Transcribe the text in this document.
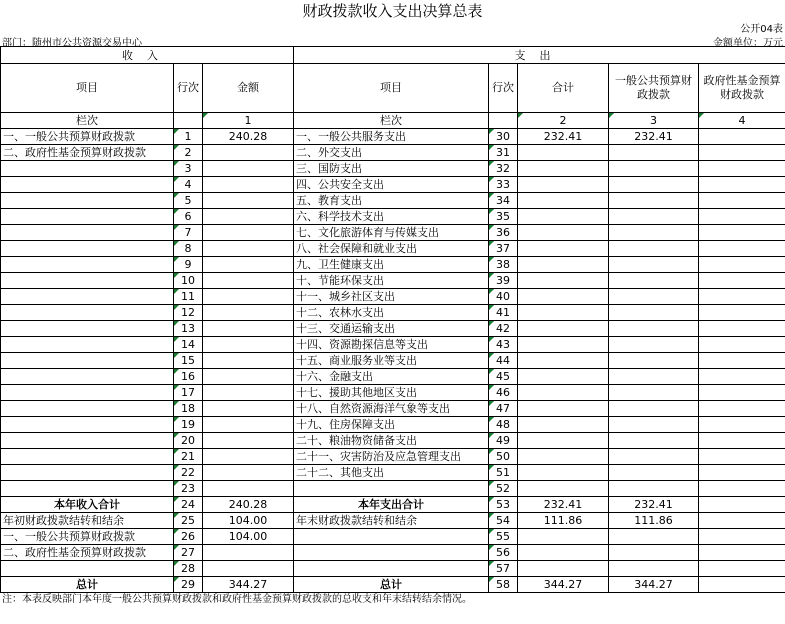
财政拨款收入支出决算总表
公开04表
部门：随州市公共资源交易中心	金额单位：万元
收入			支出				
项目	行次	金额	项目	行次	合计	一般公共预算财政拨款	政府性基金预算财政拨款
栏次		1	栏次		2	3	4
一、一般公共预算财政拨款	1	240.28	一、一般公共服务支出	30	232.41	232.41	
二、政府性基金预算财政拨款	2		二、外交支出	31			
	3		三、国防支出	32			
	4		四、公共安全支出	33			
	5		五、教育支出	34			
	6		六、科学技术支出	35			
	7		七、文化旅游体育与传媒支出	36			
	8		八、社会保障和就业支出	37			
	9		九、卫生健康支出	38			
	10		十、节能环保支出	39			
	11		十一、城乡社区支出	40			
	12		十二、农林水支出	41			
	13		十三、交通运输支出	42			
	14		十四、资源勘探信息等支出	43			
	15		十五、商业服务业等支出	44			
	16		十六、金融支出	45			
	17		十七、援助其他地区支出	46			
	18		十八、自然资源海洋气象等支出	47			
	19		十九、住房保障支出	48			
	20		二十、粮油物资储备支出	49			
	21		二十一、灾害防治及应急管理支出	50			
	22		二十二、其他支出	51			
	23			52			
本年收入合计	24	240.28	本年支出合计	53	232.41	232.41	
年初财政拨款结转和结余	25	104.00	年末财政拨款结转和结余	54	111.86	111.86	
一、一般公共预算财政拨款	26	104.00		55			
二、政府性基金预算财政拨款	27			56			
	28			57			
总计	29	344.27	总计	58	344.27	344.27	
注：本表反映部门本年度一般公共预算财政拨款和政府性基金预算财政拨款的总收支和年末结转结余情况。
